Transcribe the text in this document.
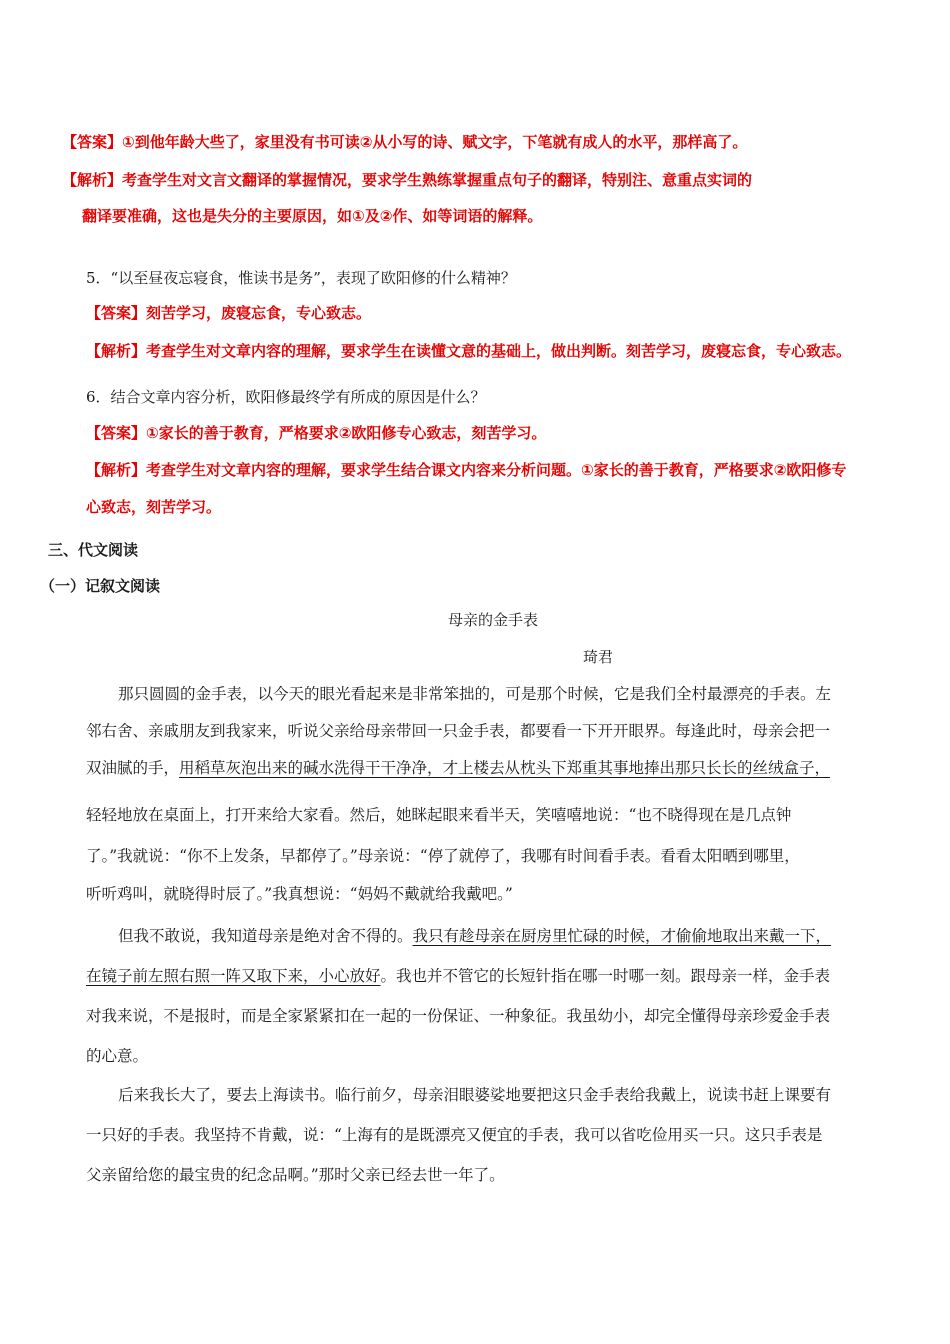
【答案】①到他年龄大些了，家里没有书可读②从小写的诗、赋文字，下笔就有成人的水平，那样高了。
【解析】考查学生对文言文翻译的掌握情况，要求学生熟练掌握重点句子的翻译，特别注、意重点实词的
翻译要准确，这也是失分的主要原因，如①及②作、如等词语的解释。
5．“以至昼夜忘寝食，惟读书是务”，表现了欧阳修的什么精神？
【答案】刻苦学习，废寝忘食，专心致志。
【解析】考查学生对文章内容的理解，要求学生在读懂文意的基础上，做出判断。刻苦学习，废寝忘食，专心致志。
6．结合文章内容分析，欧阳修最终学有所成的原因是什么？
【答案】①家长的善于教育，严格要求②欧阳修专心致志，刻苦学习。
【解析】考查学生对文章内容的理解，要求学生结合课文内容来分析问题。①家长的善于教育，严格要求②欧阳修专
心致志，刻苦学习。
三、代文阅读
（一）记叙文阅读
母亲的金手表
琦君
那只圆圆的金手表，以今天的眼光看起来是非常笨拙的，可是那个时候，它是我们全村最漂亮的手表。左
邻右舍、亲戚朋友到我家来，听说父亲给母亲带回一只金手表，都要看一下开开眼界。每逢此时，母亲会把一
双油腻的手，用稻草灰泡出来的碱水洗得干干净净，才上楼去从枕头下郑重其事地捧出那只长长的丝绒盒子，
轻轻地放在桌面上，打开来给大家看。然后，她眯起眼来看半天，笑嘻嘻地说：“也不晓得现在是几点钟
了。”我就说：“你不上发条，早都停了。”母亲说：“停了就停了，我哪有时间看手表。看看太阳晒到哪里，
听听鸡叫，就晓得时辰了。”我真想说：“妈妈不戴就给我戴吧。”
但我不敢说，我知道母亲是绝对舍不得的。我只有趁母亲在厨房里忙碌的时候，才偷偷地取出来戴一下，
在镜子前左照右照一阵又取下来，小心放好。我也并不管它的长短针指在哪一时哪一刻。跟母亲一样，金手表
对我来说，不是报时，而是全家紧紧扣在一起的一份保证、一种象征。我虽幼小，却完全懂得母亲珍爱金手表
的心意。
后来我长大了，要去上海读书。临行前夕，母亲泪眼婆娑地要把这只金手表给我戴上，说读书赶上课要有
一只好的手表。我坚持不肯戴，说：“上海有的是既漂亮又便宜的手表，我可以省吃俭用买一只。这只手表是
父亲留给您的最宝贵的纪念品啊。”那时父亲已经去世一年了。
